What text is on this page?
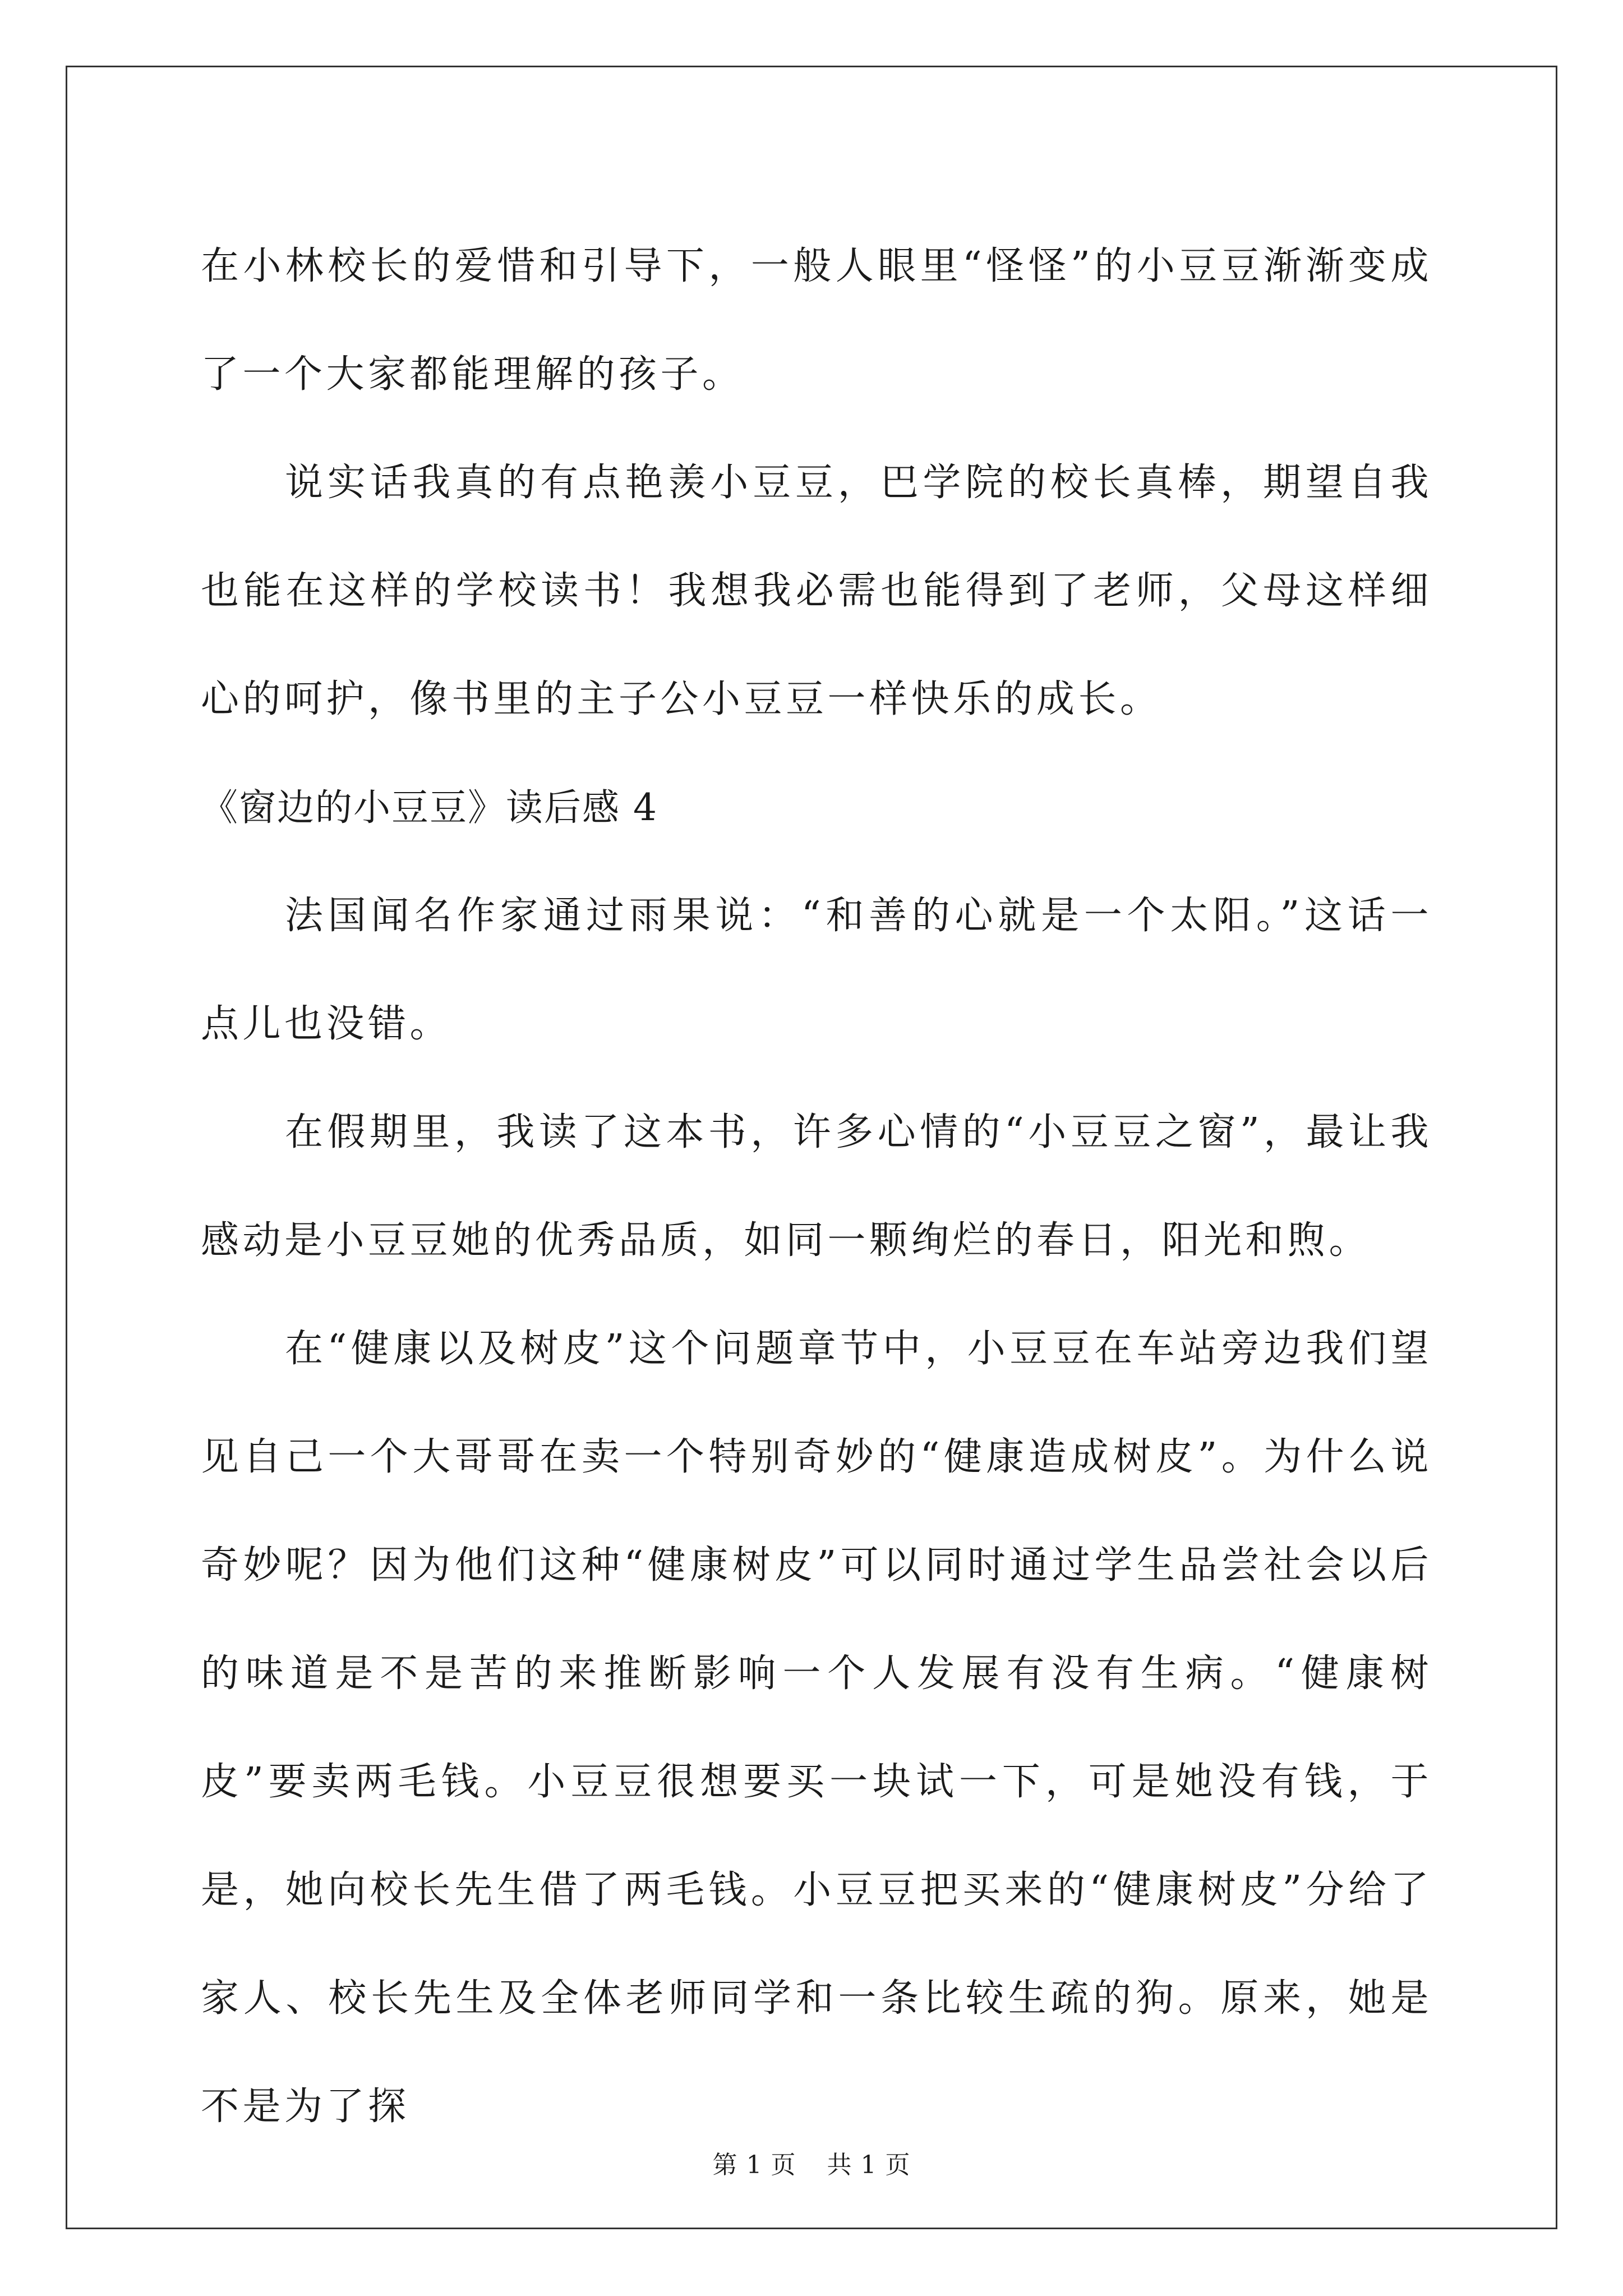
在小林校长的爱惜和引导下，一般人眼里“怪怪”的小豆豆渐渐变成了一个大家都能理解的孩子。

说实话我真的有点艳羡小豆豆，巴学院的校长真棒，期望自我也能在这样的学校读书！我想我必需也能得到了老师，父母这样细心的呵护，像书里的主子公小豆豆一样快乐的成长。

《窗边的小豆豆》读后感 4

法国闻名作家通过雨果说：“和善的心就是一个太阳。”这话一点儿也没错。

在假期里，我读了这本书，许多心情的“小豆豆之窗”，最让我感动是小豆豆她的优秀品质，如同一颗绚烂的春日，阳光和煦。

在“健康以及树皮”这个问题章节中，小豆豆在车站旁边我们望见自己一个大哥哥在卖一个特别奇妙的“健康造成树皮”。为什么说奇妙呢？因为他们这种“健康树皮”可以同时通过学生品尝社会以后的味道是不是苦的来推断影响一个人发展有没有生病。“健康树皮”要卖两毛钱。小豆豆很想要买一块试一下，可是她没有钱，于是，她向校长先生借了两毛钱。小豆豆把买来的“健康树皮”分给了家人、校长先生及全体老师同学和一条比较生疏的狗。原来，她是不是为了探

第 1 页 共 1 页
